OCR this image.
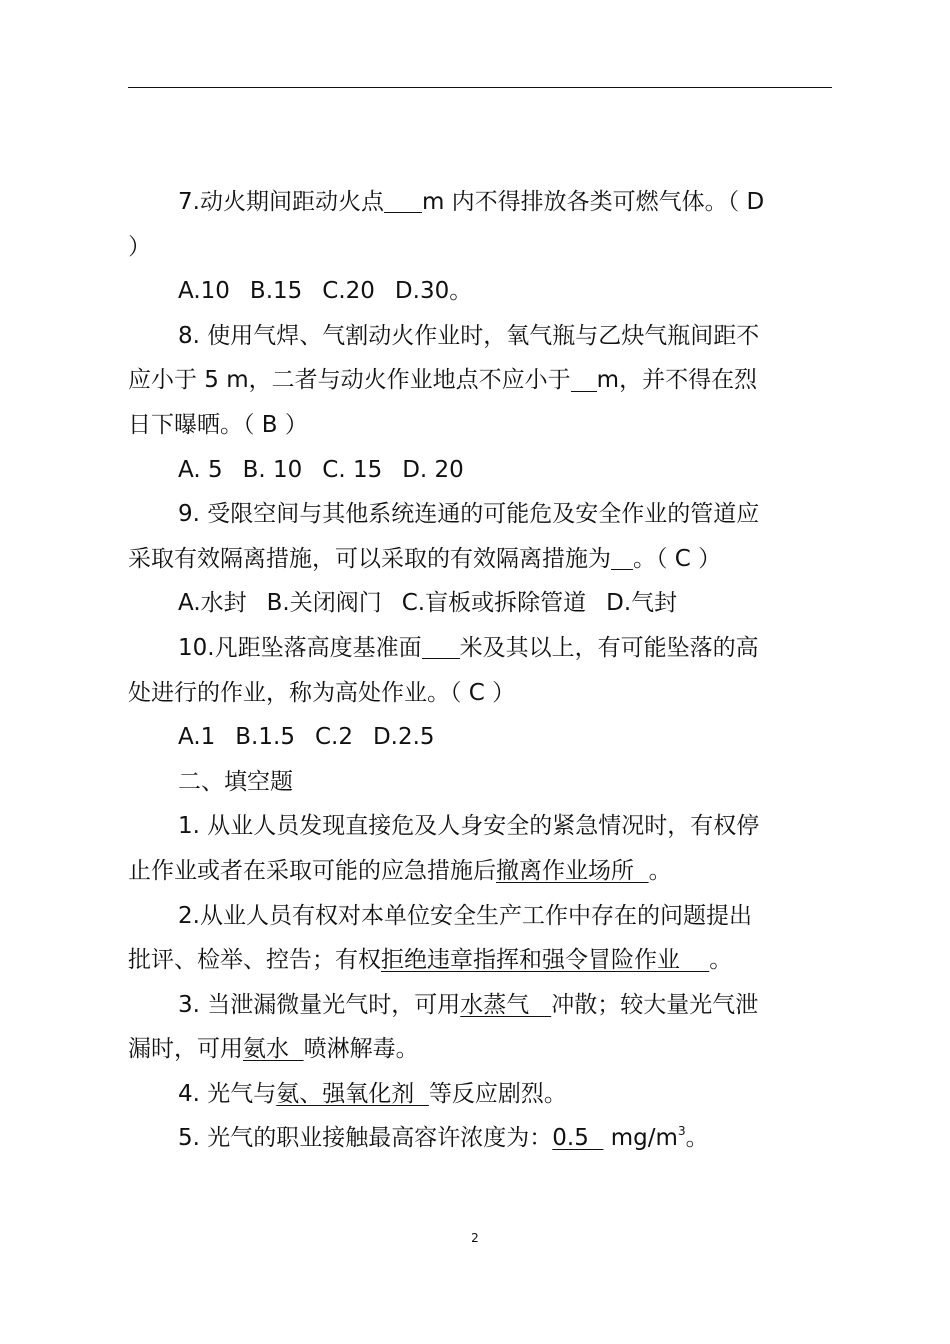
7.动火期间距动火点 m 内不得排放各类可燃气体。（ D

）

A.10 B.15 C.20 D.30。

8. 使用气焊、气割动火作业时，氧气瓶与乙炔气瓶间距不

应小于 5 m，二者与动火作业地点不应小于 m，并不得在烈

日下曝晒。（ B ）

A. 5 B. 10 C. 15 D. 20

9. 受限空间与其他系统连通的可能危及安全作业的管道应

采取有效隔离措施，可以采取的有效隔离措施为 。（ C ）

A.水封 B.关闭阀门 C.盲板或拆除管道 D.气封

10.凡距坠落高度基准面 米及其以上，有可能坠落的高

处进行的作业，称为高处作业。（ C ）

A.1 B.1.5 C.2 D.2.5

二、填空题

1. 从业人员发现直接危及人身安全的紧急情况时，有权停

止作业或者在采取可能的应急措施后撤离作业场所  。

2.从业人员有权对本单位安全生产工作中存在的问题提出

批评、检举、控告；有权拒绝违章指挥和强令冒险作业    。

3. 当泄漏微量光气时，可用水蒸气   冲散；较大量光气泄

漏时，可用氨水  喷淋解毒。

4. 光气与氨、强氧化剂  等反应剧烈。

5. 光气的职业接触最高容许浓度为：0.5   $mg/m^3$。

2
